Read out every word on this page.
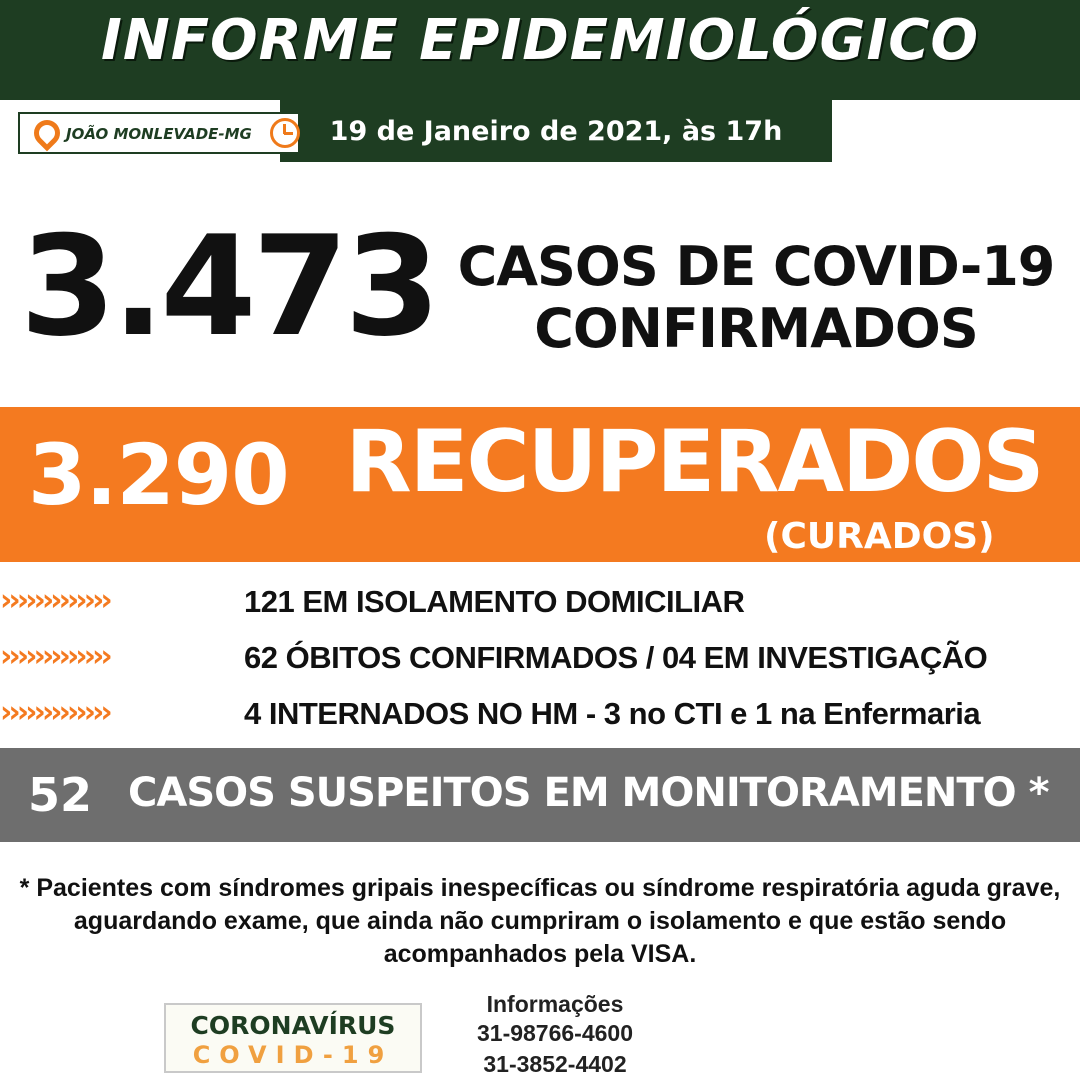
INFORME EPIDEMIOLÓGICO
19 de Janeiro de 2021, às 17h
JOÃO MONLEVADE-MG
3.473 CASOS DE COVID-19
CONFIRMADOS
3.290 RECUPERADOS
(CURADOS)
›››››››››››››	121 EM ISOLAMENTO DOMICILIAR
›››››››››››››	62 ÓBITOS CONFIRMADOS / 04 EM INVESTIGAÇÃO
›››››››››››››	4 INTERNADOS NO HM - 3 no CTI e 1 na Enfermaria
52 CASOS SUSPEITOS EM MONITORAMENTO *
* Pacientes com síndromes gripais inespecíficas ou síndrome respiratória aguda grave,
aguardando exame, que ainda não cumpriram o isolamento e que estão sendo
acompanhados pela VISA.
CORONAVÍRUS
COVID-19
Informações
31-98766-4600
31-3852-4402
